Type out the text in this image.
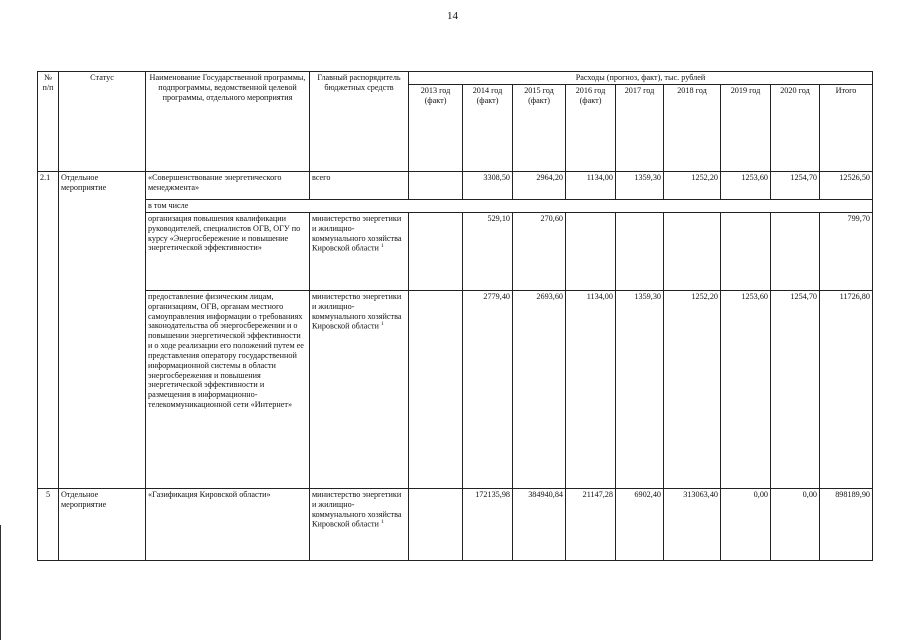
14
№ п/п	Статус	Наименование Государственной программы, подпрограммы, ведомственной целевой программы, отдельного мероприятия	Главный распорядитель бюджетных средств	Расходы (прогноз, факт), тыс. рублей								
				2013 год (факт)	2014 год (факт)	2015 год (факт)	2016 год (факт)	2017 год	2018 год	2019 год	2020 год	Итого
2.1	Отдельное мероприятие	«Совершенствование энергетического менеджмента»	всего		3308,50	2964,20	1134,00	1359,30	1252,20	1253,60	1254,70	12526,50
		в том числе										
		организация повышения квалификации руководителей, специалистов ОГВ, ОГУ по курсу «Энергосбережение и повышение энергетической эффективности»	министерство энергетики и жилищно-коммунального хозяйства Кировской области $^1$		529,10	270,60						799,70
		предоставление физическим лицам, организациям, ОГВ, органам местного самоуправления информации о требованиях законодательства об энергосбережении и о повышении энергетической эффективности и о ходе реализации его положений путем ее представления оператору государственной информационной системы в области энергосбережения и повышения энергетической эффективности и размещения в информационно-телекоммуникационной сети «Интернет»	министерство энергетики и жилищно-коммунального хозяйства Кировской области $^1$		2779,40	2693,60	1134,00	1359,30	1252,20	1253,60	1254,70	11726,80
5	Отдельное мероприятие	«Газификация Кировской области»	министерство энергетики и жилищно-коммунального хозяйства Кировской области $^1$		172135,98	384940,84	21147,28	6902,40	313063,40	0,00	0,00	898189,90
